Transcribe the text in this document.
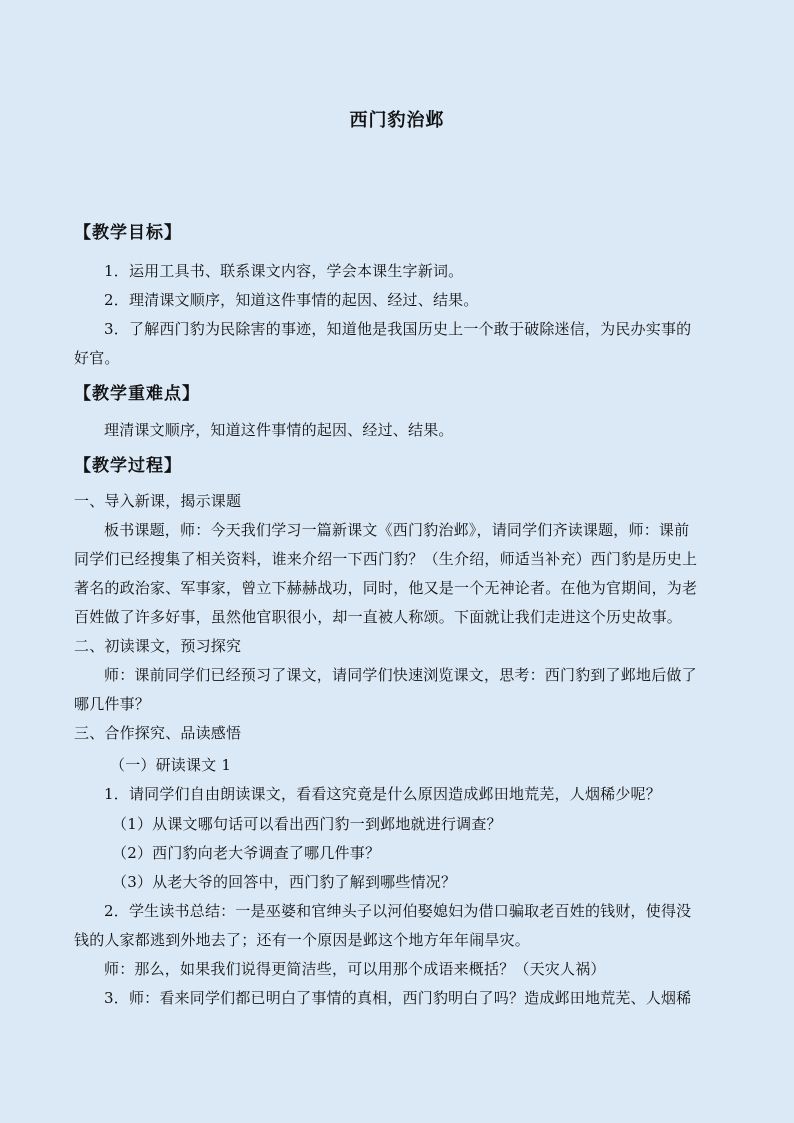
西门豹治邺
【教学目标】
1．运用工具书、联系课文内容，学会本课生字新词。
2．理清课文顺序，知道这件事情的起因、经过、结果。
3．了解西门豹为民除害的事迹，知道他是我国历史上一个敢于破除迷信，为民办实事的
好官。
【教学重难点】
理清课文顺序，知道这件事情的起因、经过、结果。
【教学过程】
一、导入新课，揭示课题
板书课题，师：今天我们学习一篇新课文《西门豹治邺》，请同学们齐读课题，师：课前
同学们已经搜集了相关资料，谁来介绍一下西门豹？（生介绍，师适当补充）西门豹是历史上
著名的政治家、军事家，曾立下赫赫战功，同时，他又是一个无神论者。在他为官期间，为老
百姓做了许多好事，虽然他官职很小，却一直被人称颂。下面就让我们走进这个历史故事。
二、初读课文，预习探究
师：课前同学们已经预习了课文，请同学们快速浏览课文，思考：西门豹到了邺地后做了
哪几件事？
三、合作探究、品读感悟
（一）研读课文 1
1．请同学们自由朗读课文，看看这究竟是什么原因造成邺田地荒芜，人烟稀少呢？
（1）从课文哪句话可以看出西门豹一到邺地就进行调查？
（2）西门豹向老大爷调查了哪几件事？
（3）从老大爷的回答中，西门豹了解到哪些情况？
2．学生读书总结：一是巫婆和官绅头子以河伯娶媳妇为借口骗取老百姓的钱财，使得没
钱的人家都逃到外地去了；还有一个原因是邺这个地方年年闹旱灾。
师：那么，如果我们说得更简洁些，可以用那个成语来概括？（天灾人祸）
3．师：看来同学们都已明白了事情的真相，西门豹明白了吗？造成邺田地荒芜、人烟稀
